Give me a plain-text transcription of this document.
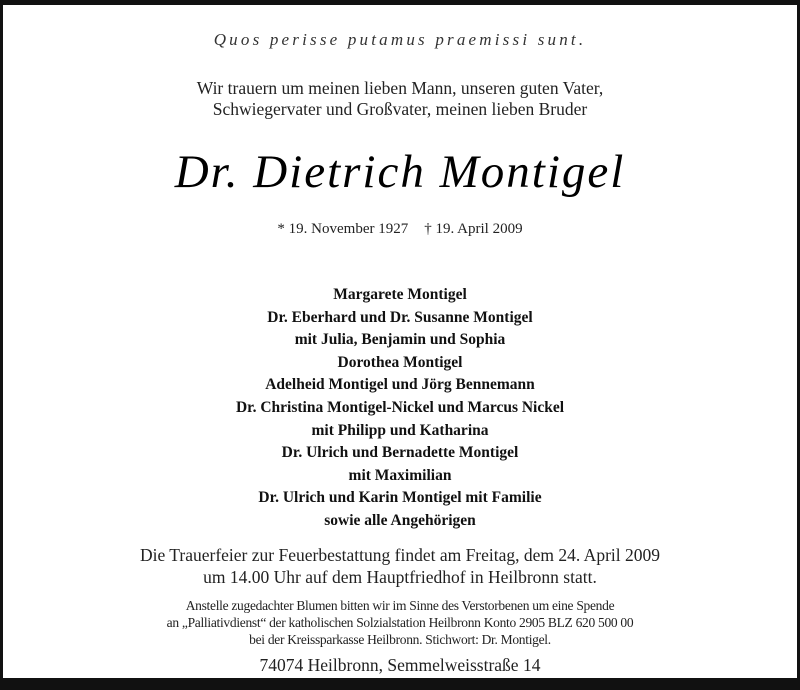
Quos perisse putamus praemissi sunt.
Wir trauern um meinen lieben Mann, unseren guten Vater,
Schwiegervater und Großvater, meinen lieben Bruder
Dr. Dietrich Montigel
* 19. November 1927 † 19. April 2009
Margarete Montigel
Dr. Eberhard und Dr. Susanne Montigel
mit Julia, Benjamin und Sophia
Dorothea Montigel
Adelheid Montigel und Jörg Bennemann
Dr. Christina Montigel-Nickel und Marcus Nickel
mit Philipp und Katharina
Dr. Ulrich und Bernadette Montigel
mit Maximilian
Dr. Ulrich und Karin Montigel mit Familie
sowie alle Angehörigen
Die Trauerfeier zur Feuerbestattung findet am Freitag, dem 24. April 2009
um 14.00 Uhr auf dem Hauptfriedhof in Heilbronn statt.
Anstelle zugedachter Blumen bitten wir im Sinne des Verstorbenen um eine Spende
an „Palliativdienst“ der katholischen Solzialstation Heilbronn Konto 2905 BLZ 620 500 00
bei der Kreissparkasse Heilbronn. Stichwort: Dr. Montigel.
74074 Heilbronn, Semmelweisstraße 14
